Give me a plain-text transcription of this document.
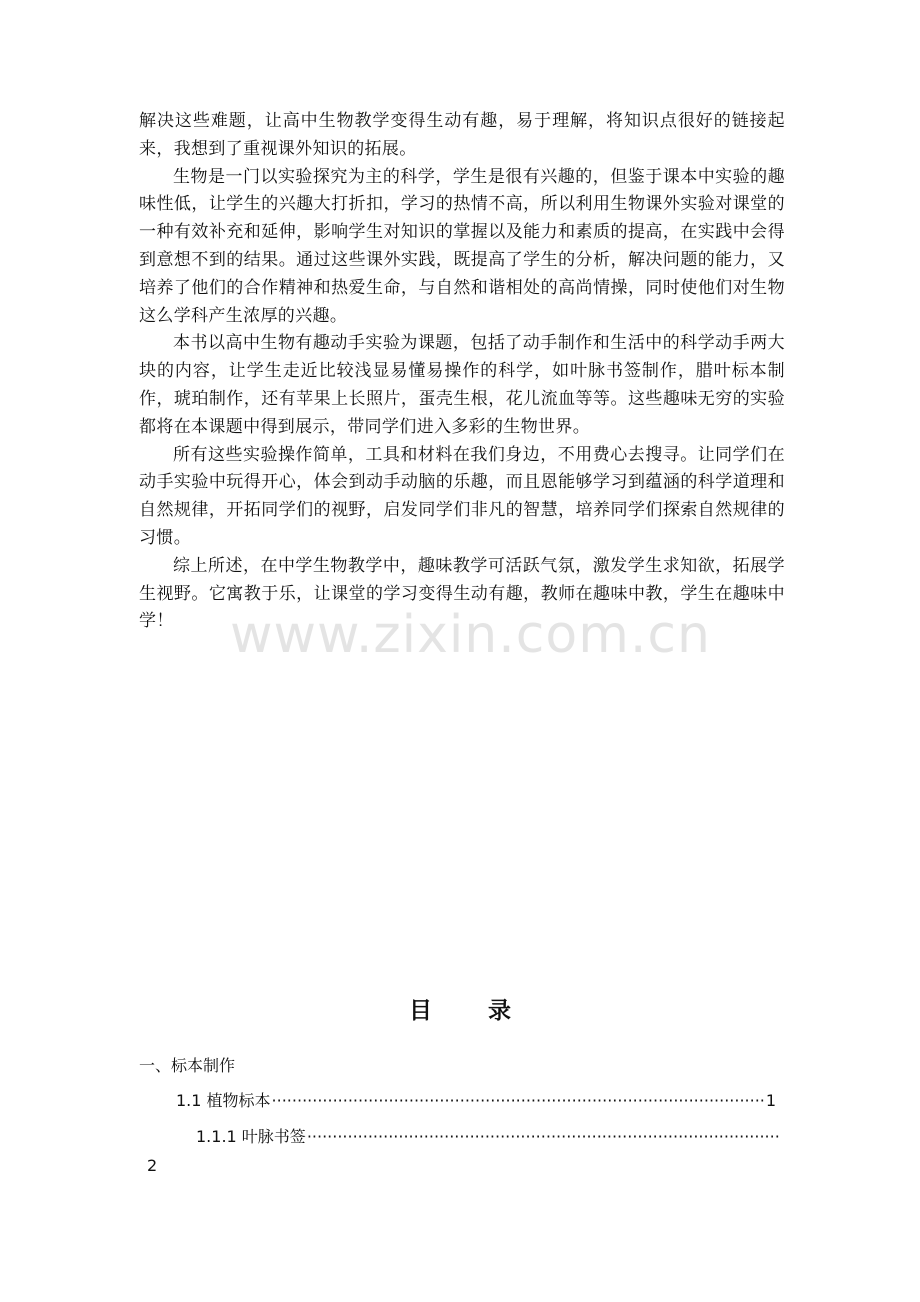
解决这些难题，让高中生物教学变得生动有趣，易于理解，将知识点很好的链接起来，我想到了重视课外知识的拓展。

生物是一门以实验探究为主的科学，学生是很有兴趣的，但鉴于课本中实验的趣味性低，让学生的兴趣大打折扣，学习的热情不高，所以利用生物课外实验对课堂的一种有效补充和延伸，影响学生对知识的掌握以及能力和素质的提高，在实践中会得到意想不到的结果。通过这些课外实践，既提高了学生的分析，解决问题的能力，又培养了他们的合作精神和热爱生命，与自然和谐相处的高尚情操，同时使他们对生物这么学科产生浓厚的兴趣。

本书以高中生物有趣动手实验为课题，包括了动手制作和生活中的科学动手两大块的内容，让学生走近比较浅显易懂易操作的科学，如叶脉书签制作，腊叶标本制作，琥珀制作，还有苹果上长照片，蛋壳生根，花儿流血等等。这些趣味无穷的实验都将在本课题中得到展示，带同学们进入多彩的生物世界。

所有这些实验操作简单，工具和材料在我们身边，不用费心去搜寻。让同学们在动手实验中玩得开心，体会到动手动脑的乐趣，而且恩能够学习到蕴涵的科学道理和自然规律，开拓同学们的视野，启发同学们非凡的智慧，培养同学们探索自然规律的习惯。

综上所述，在中学生物教学中，趣味教学可活跃气氛，激发学生求知欲，拓展学生视野。它寓教于乐，让课堂的学习变得生动有趣，教师在趣味中教，学生在趣味中学！	www.zixin.com.cn
目 录
一、标本制作
1.1 植物标本
·····	1
1.1.1 叶脉书签
·····
2
